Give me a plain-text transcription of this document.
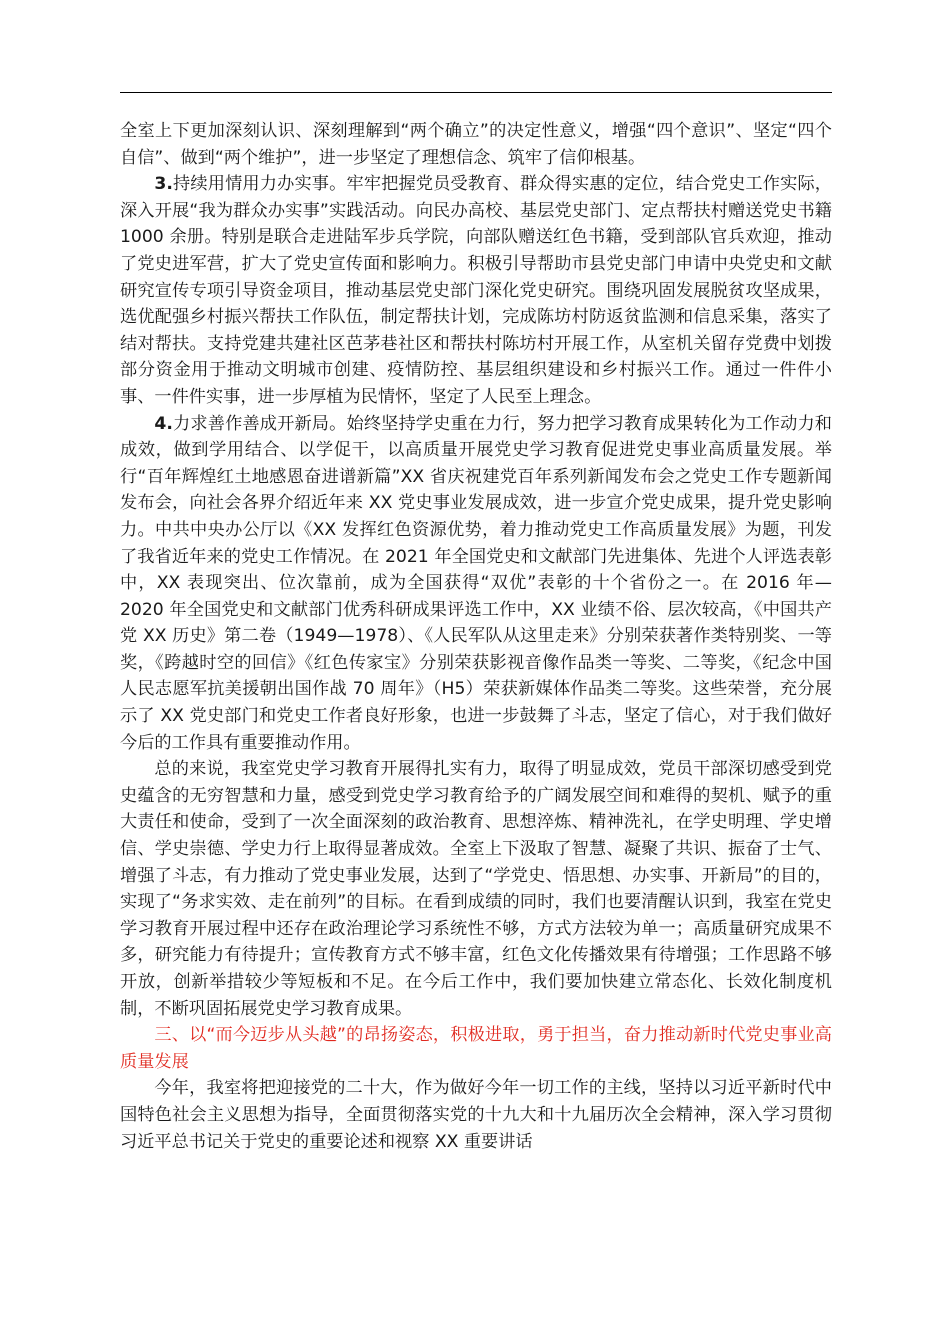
全室上下更加深刻认识、深刻理解到“两个确立”的决定性意义，增强“四个意识”、坚定“四个自信”、做到“两个维护”，进一步坚定了理想信念、筑牢了信仰根基。

3.持续用情用力办实事。牢牢把握党员受教育、群众得实惠的定位，结合党史工作实际，深入开展“我为群众办实事”实践活动。向民办高校、基层党史部门、定点帮扶村赠送党史书籍 1000 余册。特别是联合走进陆军步兵学院，向部队赠送红色书籍，受到部队官兵欢迎，推动了党史进军营，扩大了党史宣传面和影响力。积极引导帮助市县党史部门申请中央党史和文献研究宣传专项引导资金项目，推动基层党史部门深化党史研究。围绕巩固发展脱贫攻坚成果，选优配强乡村振兴帮扶工作队伍，制定帮扶计划，完成陈坊村防返贫监测和信息采集，落实了结对帮扶。支持党建共建社区芭茅巷社区和帮扶村陈坊村开展工作，从室机关留存党费中划拨部分资金用于推动文明城市创建、疫情防控、基层组织建设和乡村振兴工作。通过一件件小事、一件件实事，进一步厚植为民情怀，坚定了人民至上理念。

4.力求善作善成开新局。始终坚持学史重在力行，努力把学习教育成果转化为工作动力和成效，做到学用结合、以学促干，以高质量开展党史学习教育促进党史事业高质量发展。举行“百年辉煌红土地感恩奋进谱新篇”XX 省庆祝建党百年系列新闻发布会之党史工作专题新闻发布会，向社会各界介绍近年来 XX 党史事业发展成效，进一步宣介党史成果，提升党史影响力。中共中央办公厅以《XX 发挥红色资源优势，着力推动党史工作高质量发展》为题，刊发了我省近年来的党史工作情况。在 2021 年全国党史和文献部门先进集体、先进个人评选表彰中，XX 表现突出、位次靠前，成为全国获得“双优”表彰的十个省份之一。在 2016 年—2020 年全国党史和文献部门优秀科研成果评选工作中，XX 业绩不俗、层次较高，《中国共产党 XX 历史》第二卷（1949—1978）、《人民军队从这里走来》分别荣获著作类特别奖、一等奖，《跨越时空的回信》《红色传家宝》分别荣获影视音像作品类一等奖、二等奖，《纪念中国人民志愿军抗美援朝出国作战 70 周年》（H5）荣获新媒体作品类二等奖。这些荣誉，充分展示了 XX 党史部门和党史工作者良好形象，也进一步鼓舞了斗志，坚定了信心，对于我们做好今后的工作具有重要推动作用。

总的来说，我室党史学习教育开展得扎实有力，取得了明显成效，党员干部深切感受到党史蕴含的无穷智慧和力量，感受到党史学习教育给予的广阔发展空间和难得的契机、赋予的重大责任和使命，受到了一次全面深刻的政治教育、思想淬炼、精神洗礼，在学史明理、学史增信、学史崇德、学史力行上取得显著成效。全室上下汲取了智慧、凝聚了共识、振奋了士气、增强了斗志，有力推动了党史事业发展，达到了“学党史、悟思想、办实事、开新局”的目的，实现了“务求实效、走在前列”的目标。在看到成绩的同时，我们也要清醒认识到，我室在党史学习教育开展过程中还存在政治理论学习系统性不够，方式方法较为单一；高质量研究成果不多，研究能力有待提升；宣传教育方式不够丰富，红色文化传播效果有待增强；工作思路不够开放，创新举措较少等短板和不足。在今后工作中，我们要加快建立常态化、长效化制度机制，不断巩固拓展党史学习教育成果。

三、以“而今迈步从头越”的昂扬姿态，积极进取，勇于担当，奋力推动新时代党史事业高质量发展

今年，我室将把迎接党的二十大，作为做好今年一切工作的主线，坚持以习近平新时代中国特色社会主义思想为指导，全面贯彻落实党的十九大和十九届历次全会精神，深入学习贯彻习近平总书记关于党史的重要论述和视察 XX 重要讲话
